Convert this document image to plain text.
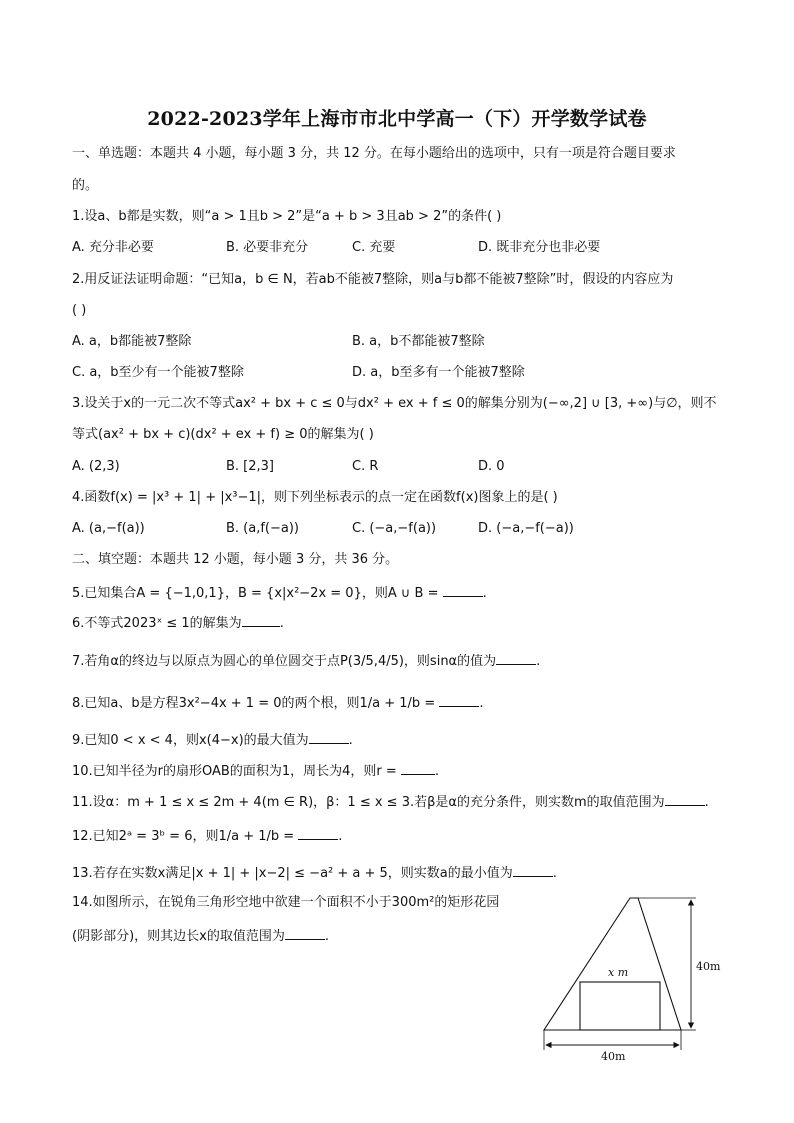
2022-2023学年上海市市北中学高一（下）开学数学试卷
一、单选题：本题共 4 小题，每小题 3 分，共 12 分。在每小题给出的选项中，只有一项是符合题目要求
的。
1.设a、b都是实数，则“a > 1且b > 2”是“a + b > 3且ab > 2”的条件( )
A. 充分非必要	B. 必要非充分	C. 充要	D. 既非充分也非必要
2.用反证法证明命题：“已知a，b ∈ N，若ab不能被7整除，则a与b都不能被7整除”时，假设的内容应为
( )
A. a，b都能被7整除	B. a，b不都能被7整除
C. a，b至少有一个能被7整除	D. a，b至多有一个能被7整除
3.设关于x的一元二次不等式ax² + bx + c ≤ 0与dx² + ex + f ≤ 0的解集分别为(−∞,2] ∪ [3, +∞)与∅，则不
等式(ax² + bx + c)(dx² + ex + f) ≥ 0的解集为( )
A. (2,3)	B. [2,3]	C. R	D. 0
4.函数f(x) = |x³ + 1| + |x³−1|，则下列坐标表示的点一定在函数f(x)图象上的是( )
A. (a,−f(a))	B. (a,f(−a))	C. (−a,−f(a))	D. (−a,−f(−a))
二、填空题：本题共 12 小题，每小题 3 分，共 36 分。
5.已知集合A = {−1,0,1}，B = {x|x²−2x = 0}，则A ∪ B =	.
6.不等式2023ˣ ≤ 1的解集为	.
7.若角α的终边与以原点为圆心的单位圆交于点P(3/5,4/5)，则sinα的值为	.
8.已知a、b是方程3x²−4x + 1 = 0的两个根，则1/a + 1/b =	.
9.已知0 < x < 4，则x(4−x)的最大值为	.
10.已知半径为r的扇形OAB的面积为1，周长为4，则r =	.
11.设α：m + 1 ≤ x ≤ 2m + 4(m ∈ R)，β：1 ≤ x ≤ 3.若β是α的充分条件，则实数m的取值范围为	.
12.已知2ᵃ = 3ᵇ = 6，则1/a + 1/b =	.
13.若存在实数x满足|x + 1| + |x−2| ≤ −a² + a + 5，则实数a的最小值为	.
14.如图所示，在锐角三角形空地中欲建一个面积不小于300m²的矩形花园
(阴影部分)，则其边长x的取值范围为	.
40m
40m
x m
